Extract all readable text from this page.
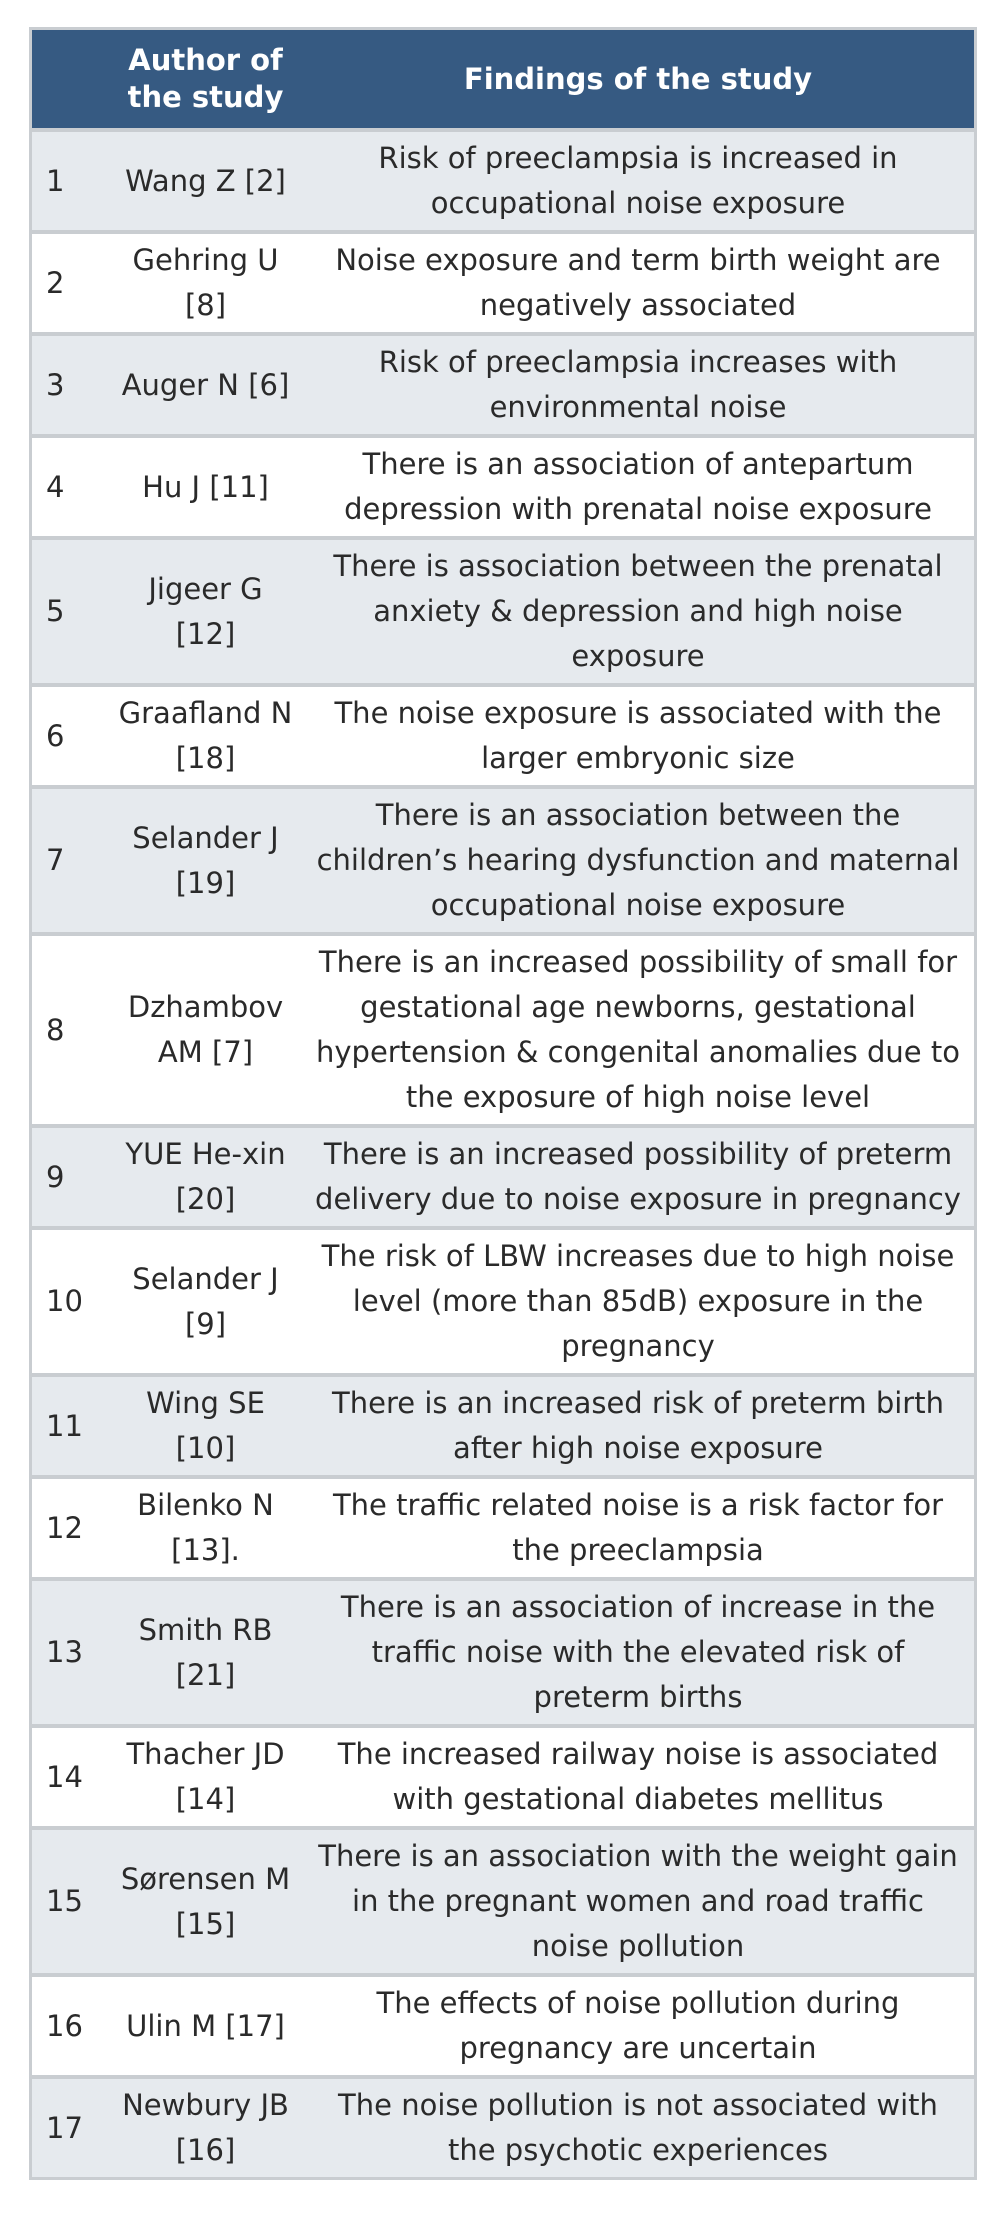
	Author of the study	Findings of the study
1	Wang Z [2]	Risk of preeclampsia is increased in occupational noise exposure
2	Gehring U [8]	Noise exposure and term birth weight are negatively associated
3	Auger N [6]	Risk of preeclampsia increases with environmental noise
4	Hu J [11]	There is an association of antepartum depression with prenatal noise exposure
5	Jigeer G [12]	There is association between the prenatal anxiety & depression and high noise exposure
6	Graafland N [18]	The noise exposure is associated with the larger embryonic size
7	Selander J [19]	There is an association between the children’s hearing dysfunction and maternal occupational noise exposure
8	Dzhambov AM [7]	There is an increased possibility of small for gestational age newborns, gestational hypertension & congenital anomalies due to the exposure of high noise level
9	YUE He-xin [20]	There is an increased possibility of preterm delivery due to noise exposure in pregnancy
10	Selander J [9]	The risk of LBW increases due to high noise level (more than 85dB) exposure in the pregnancy
11	Wing SE [10]	There is an increased risk of preterm birth after high noise exposure
12	Bilenko N [13].	The traffic related noise is a risk factor for the preeclampsia
13	Smith RB [21]	There is an association of increase in the traffic noise with the elevated risk of preterm births
14	Thacher JD [14]	The increased railway noise is associated with gestational diabetes mellitus
15	Sørensen M [15]	There is an association with the weight gain in the pregnant women and road traffic noise pollution
16	Ulin M [17]	The effects of noise pollution during pregnancy are uncertain
17	Newbury JB [16]	The noise pollution is not associated with the psychotic experiences
